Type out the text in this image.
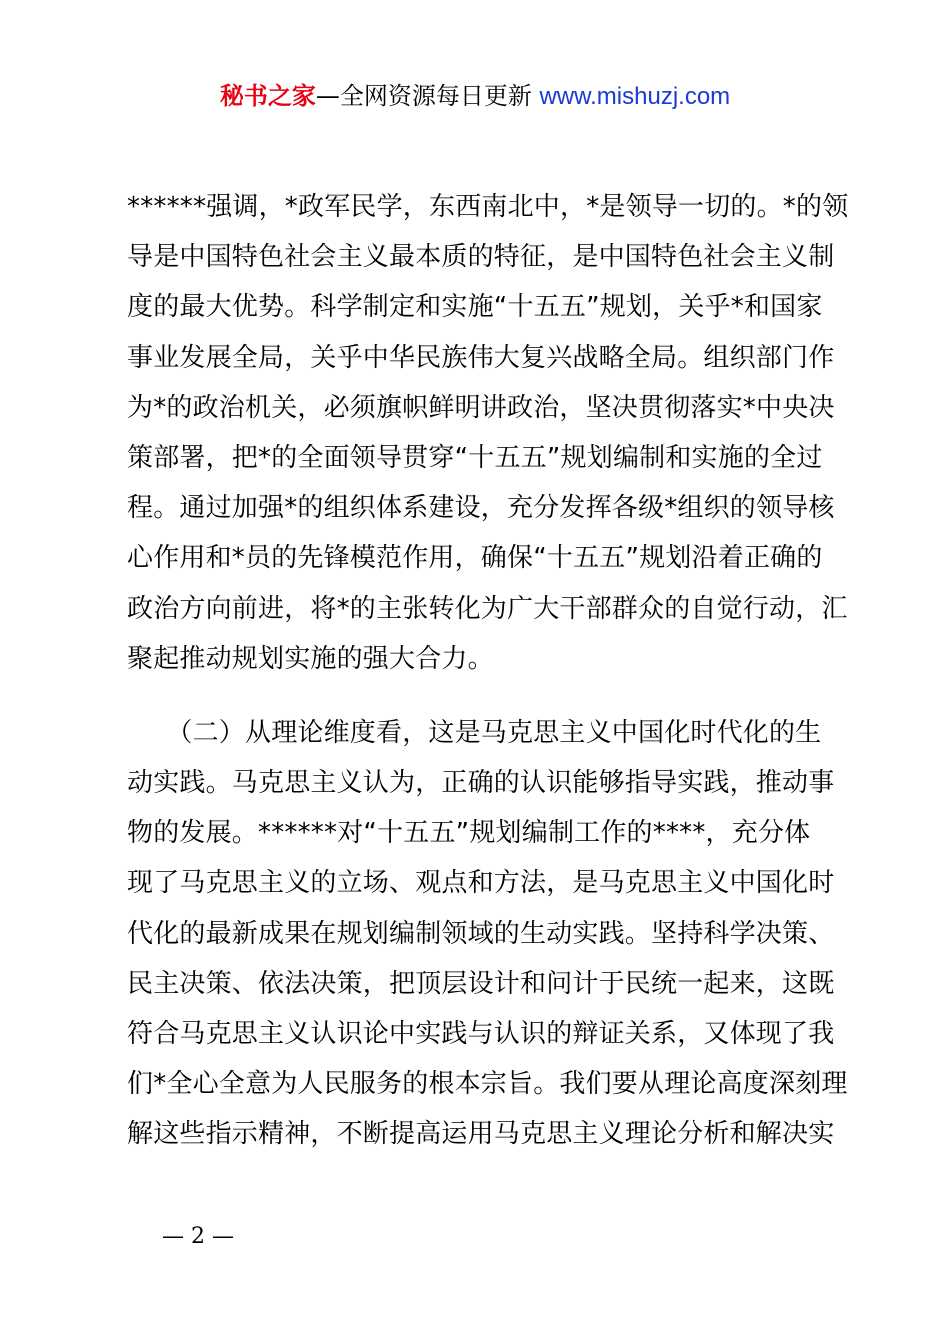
秘书之家—全网资源每日更新 www.mishuzj.com
******强调，*政军民学，东西南北中，*是领导一切的。*的领
导是中国特色社会主义最本质的特征，是中国特色社会主义制
度的最大优势。科学制定和实施“十五五”规划，关乎*和国家
事业发展全局，关乎中华民族伟大复兴战略全局。组织部门作
为*的政治机关，必须旗帜鲜明讲政治，坚决贯彻落实*中央决
策部署，把*的全面领导贯穿“十五五”规划编制和实施的全过
程。通过加强*的组织体系建设，充分发挥各级*组织的领导核
心作用和*员的先锋模范作用，确保“十五五”规划沿着正确的
政治方向前进，将*的主张转化为广大干部群众的自觉行动，汇
聚起推动规划实施的强大合力。
　　（二）从理论维度看，这是马克思主义中国化时代化的生
动实践。马克思主义认为，正确的认识能够指导实践，推动事
物的发展。******对“十五五”规划编制工作的****，充分体
现了马克思主义的立场、观点和方法，是马克思主义中国化时
代化的最新成果在规划编制领域的生动实践。坚持科学决策、
民主决策、依法决策，把顶层设计和问计于民统一起来，这既
符合马克思主义认识论中实践与认识的辩证关系，又体现了我
们*全心全意为人民服务的根本宗旨。我们要从理论高度深刻理
解这些指示精神，不断提高运用马克思主义理论分析和解决实
— 2 —
